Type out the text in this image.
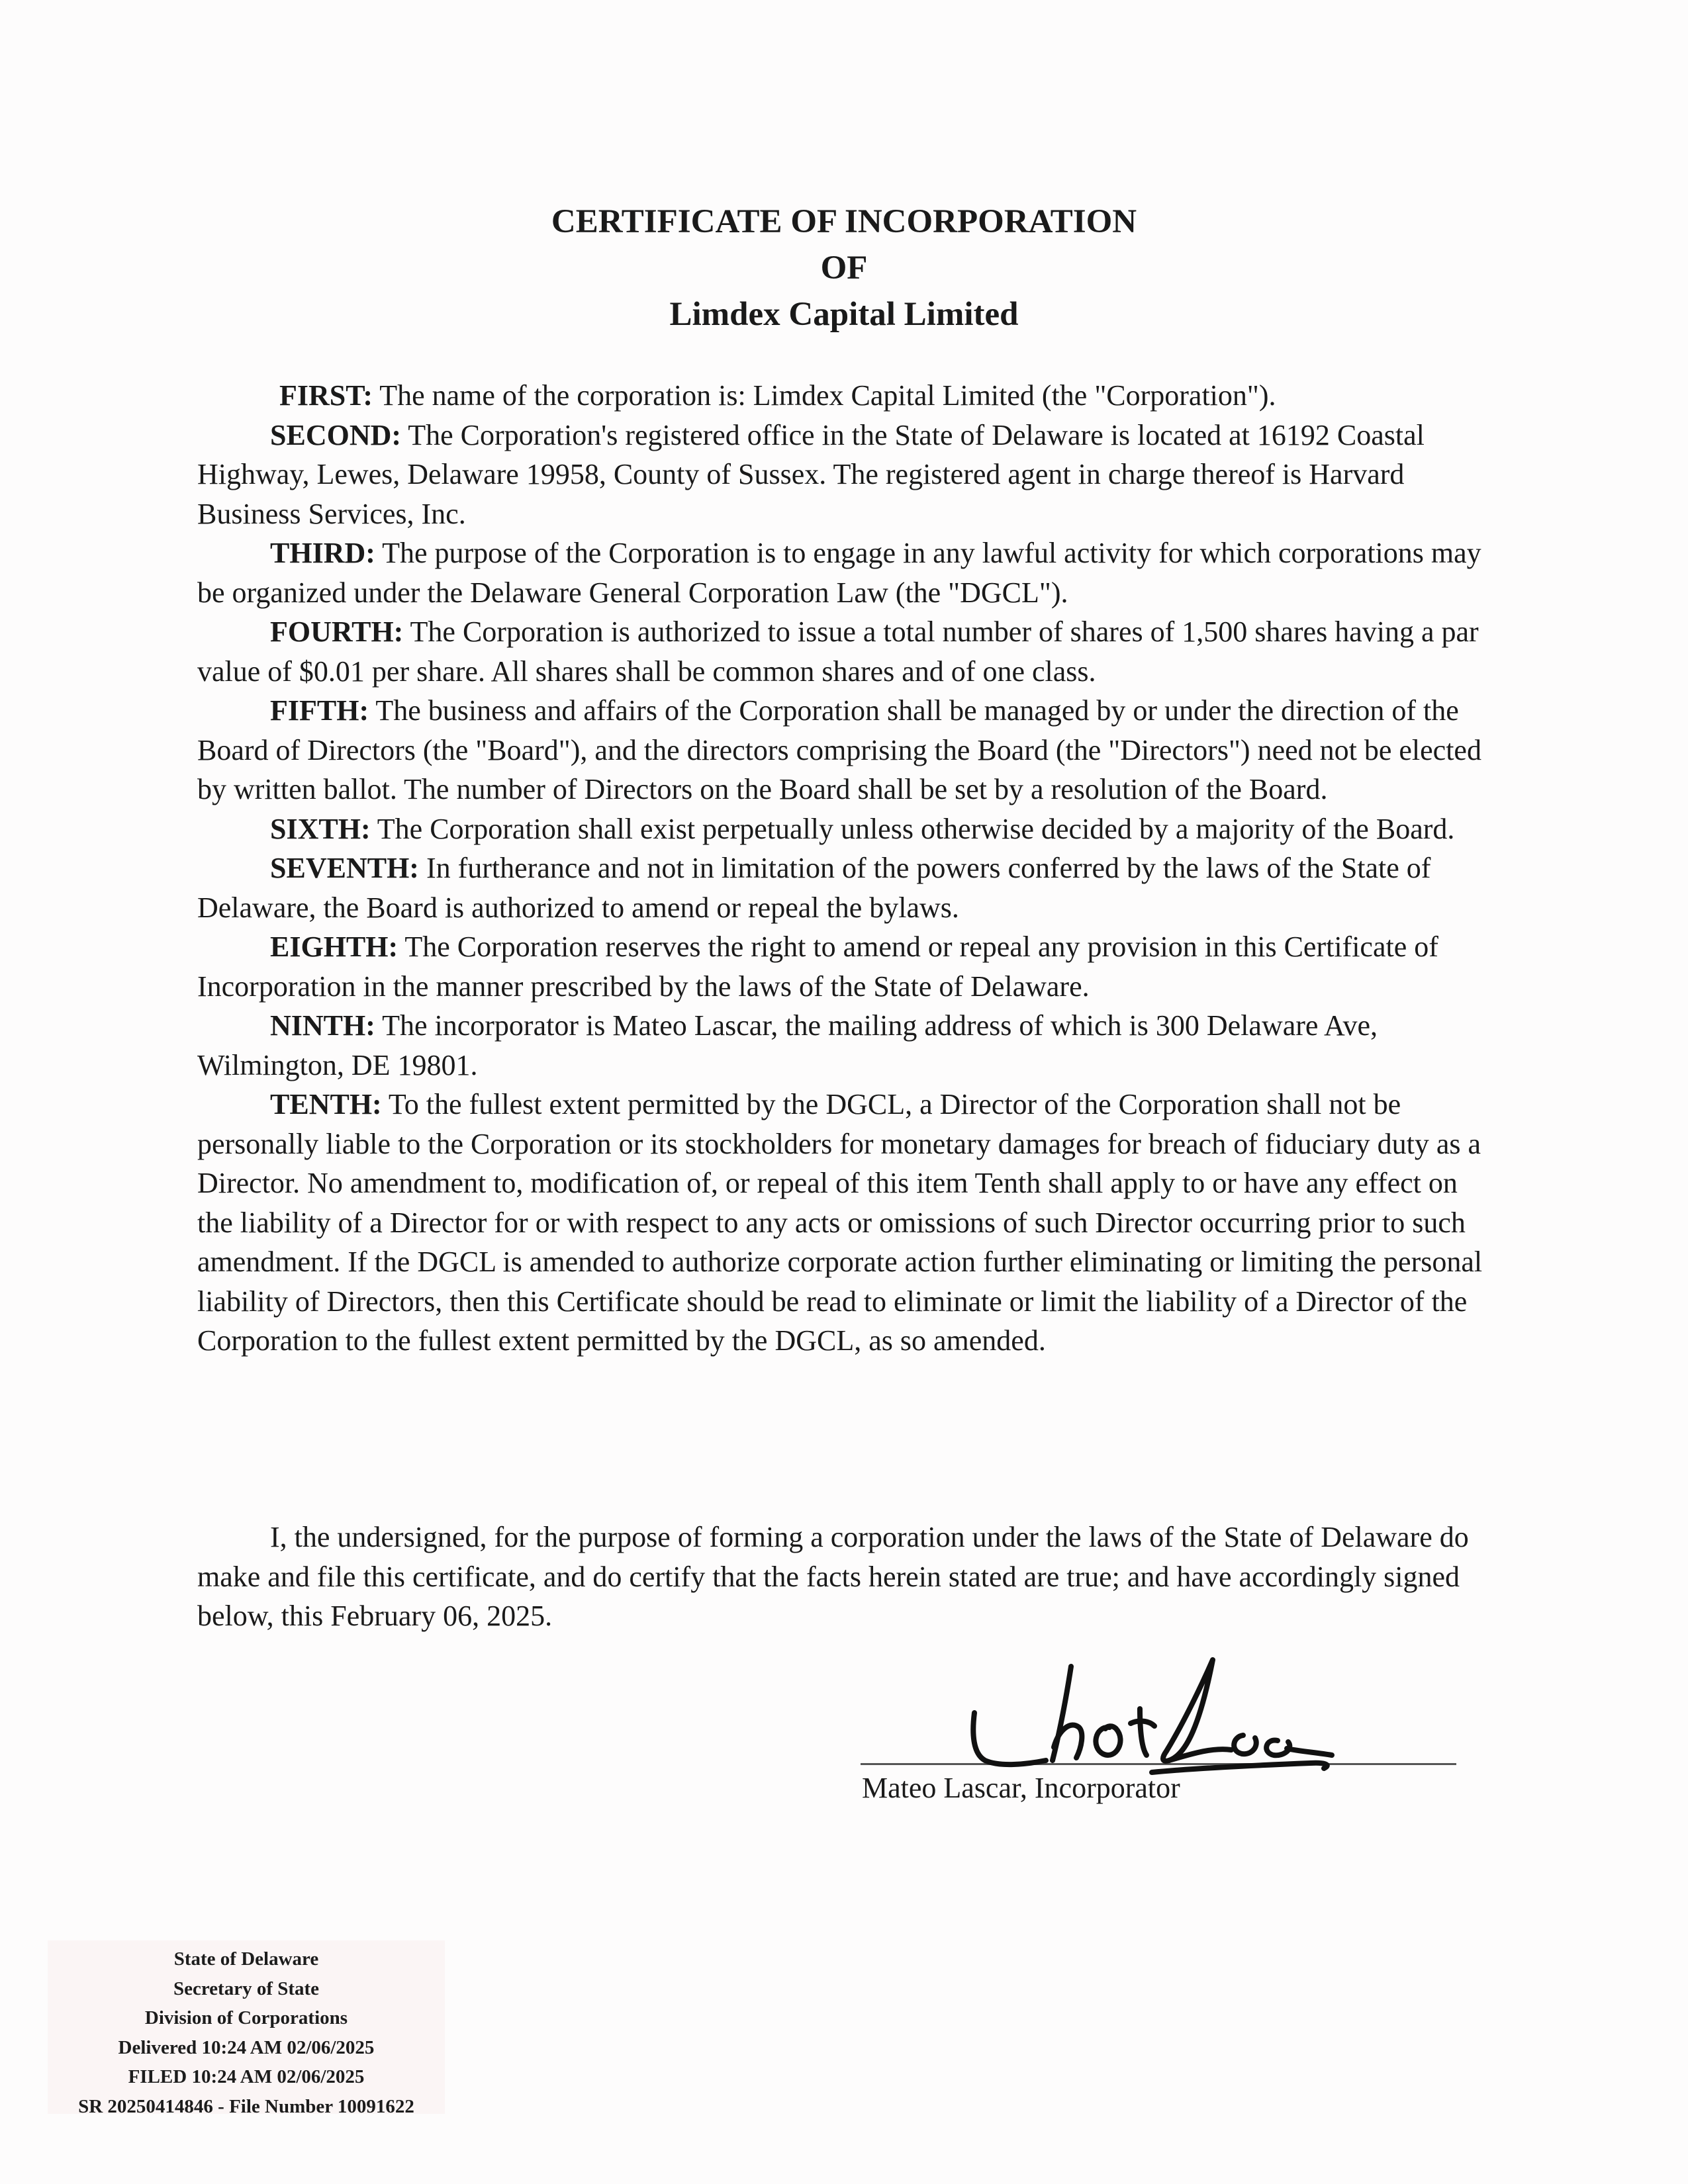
CERTIFICATE OF INCORPORATION
OF
Limdex Capital Limited

FIRST: The name of the corporation is: Limdex Capital Limited (the "Corporation").

SECOND: The Corporation's registered office in the State of Delaware is located at 16192 Coastal Highway, Lewes, Delaware 19958, County of Sussex. The registered agent in charge thereof is Harvard Business Services, Inc.

THIRD: The purpose of the Corporation is to engage in any lawful activity for which corporations may be organized under the Delaware General Corporation Law (the "DGCL").

FOURTH: The Corporation is authorized to issue a total number of shares of 1,500 shares having a par value of $0.01 per share. All shares shall be common shares and of one class.

FIFTH: The business and affairs of the Corporation shall be managed by or under the direction of the Board of Directors (the "Board"), and the directors comprising the Board (the "Directors") need not be elected by written ballot. The number of Directors on the Board shall be set by a resolution of the Board.

SIXTH: The Corporation shall exist perpetually unless otherwise decided by a majority of the Board.

SEVENTH: In furtherance and not in limitation of the powers conferred by the laws of the State of Delaware, the Board is authorized to amend or repeal the bylaws.

EIGHTH: The Corporation reserves the right to amend or repeal any provision in this Certificate of Incorporation in the manner prescribed by the laws of the State of Delaware.

NINTH: The incorporator is Mateo Lascar, the mailing address of which is 300 Delaware Ave, Wilmington, DE 19801.

TENTH: To the fullest extent permitted by the DGCL, a Director of the Corporation shall not be personally liable to the Corporation or its stockholders for monetary damages for breach of fiduciary duty as a Director. No amendment to, modification of, or repeal of this item Tenth shall apply to or have any effect on the liability of a Director for or with respect to any acts or omissions of such Director occurring prior to such amendment. If the DGCL is amended to authorize corporate action further eliminating or limiting the personal liability of Directors, then this Certificate should be read to eliminate or limit the liability of a Director of the Corporation to the fullest extent permitted by the DGCL, as so amended.

I, the undersigned, for the purpose of forming a corporation under the laws of the State of Delaware do make and file this certificate, and do certify that the facts herein stated are true; and have accordingly signed below, this February 06, 2025.

Mateo Lascar, Incorporator
State of Delaware
Secretary of State
Division of Corporations
Delivered 10:24 AM 02/06/2025
FILED 10:24 AM 02/06/2025
SR 20250414846 - File Number 10091622
